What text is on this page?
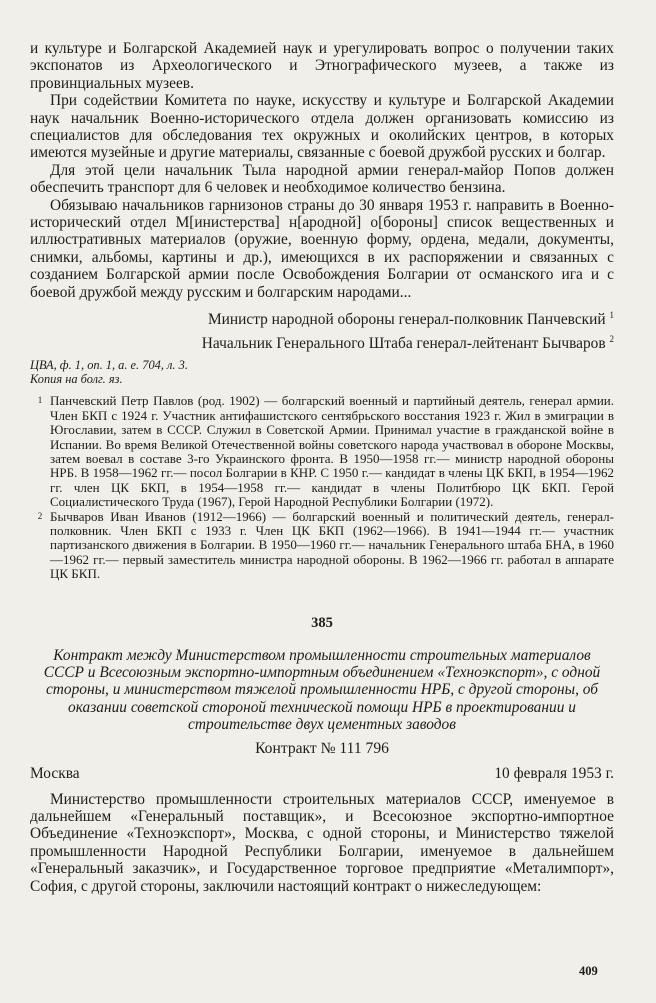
и культуре и Болгарской Академией наук и урегулировать вопрос о получении таких экспонатов из Археологического и Этнографического музеев, а также из провинциальных музеев.

При содействии Комитета по науке, искусству и культуре и Болгарской Академии наук начальник Военно-исторического отдела должен организовать комиссию из специалистов для обследования тех окружных и околийских центров, в которых имеются музейные и другие материалы, связанные с боевой дружбой русских и болгар.

Для этой цели начальник Тыла народной армии генерал-майор Попов должен обеспечить транспорт для 6 человек и необходимое количество бензина.

Обязываю начальников гарнизонов страны до 30 января 1953 г. направить в Военно-исторический отдел М[инистерства] н[ародной] о[бороны] список вещественных и иллюстративных материалов (оружие, военную форму, ордена, медали, документы, снимки, альбомы, картины и др.), имеющихся в их распоряжении и связанных с созданием Болгарской армии после Освобождения Болгарии от османского ига и с боевой дружбой между русским и болгарским народами...

Министр народной обороны генерал-полковник Панчевский $^1$
Начальник Генерального Штаба генерал-лейтенант Бычваров $^2$
ЦВА, ф. 1, оп. 1, а. е. 704, л. 3.
Копия на болг. яз.
1 Панчевский Петр Павлов (род. 1902) — болгарский военный и партийный деятель, генерал армии. Член БКП с 1924 г. Участник антифашистского сентябрьского восстания 1923 г. Жил в эмиграции в Югославии, затем в СССР. Служил в Советской Армии. Принимал участие в гражданской войне в Испании. Во время Великой Отечественной войны советского народа участвовал в обороне Москвы, затем воевал в составе 3-го Украинского фронта. В 1950—1958 гг.— министр народной обороны НРБ. В 1958—1962 гг.— посол Болгарии в КНР. С 1950 г.— кандидат в члены ЦК БКП, в 1954—1962 гг. член ЦК БКП, в 1954—1958 гг.— кандидат в члены Политбюро ЦК БКП. Герой Социалистического Труда (1967), Герой Народной Республики Болгарии (1972).
2 Бычваров Иван Иванов (1912—1966) — болгарский военный и политический деятель, генерал-полковник. Член БКП с 1933 г. Член ЦК БКП (1962—1966). В 1941—1944 гг.— участник партизанского движения в Болгарии. В 1950—1960 гг.— начальник Генерального штаба БНА, в 1960—1962 гг.— первый заместитель министра народной обороны. В 1962—1966 гг. работал в аппарате ЦК БКП.
385
Контракт между Министерством промышленности строительных материалов СССР и Всесоюзным экспортно-импортным объединением «Техноэкспорт», с одной стороны, и министерством тяжелой промышленности НРБ, с другой стороны, об оказании советской стороной технической помощи НРБ в проектировании и строительстве двух цементных заводов
Контракт № 111 796
Москва	10 февраля 1953 г.

Министерство промышленности строительных материалов СССР, именуемое в дальнейшем «Генеральный поставщик», и Всесоюзное экспортно-импортное Объединение «Техноэкспорт», Москва, с одной стороны, и Министерство тяжелой промышленности Народной Республики Болгарии, именуемое в дальнейшем «Генеральный заказчик», и Государственное торговое предприятие «Металимпорт», София, с другой стороны, заключили настоящий контракт о нижеследующем:

409
